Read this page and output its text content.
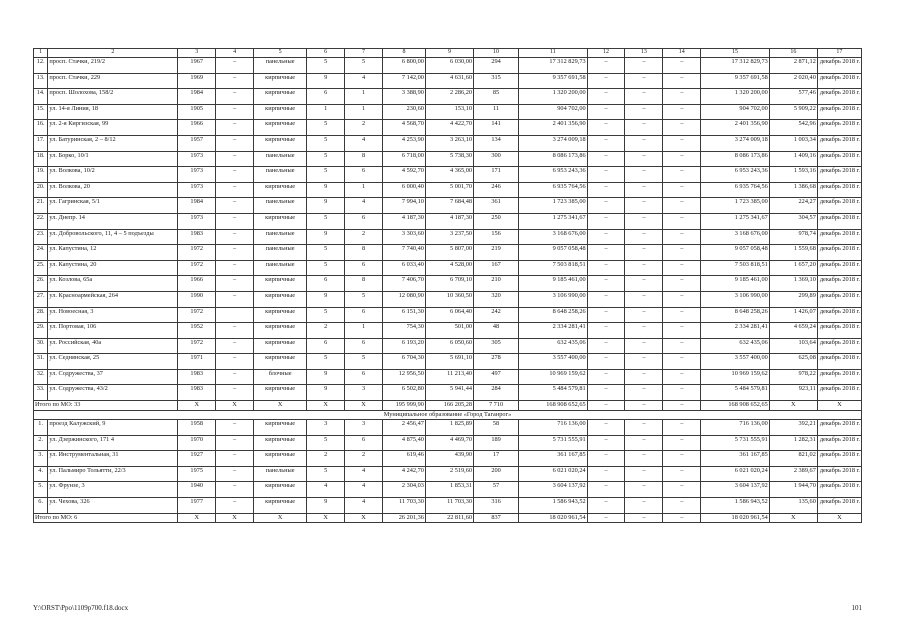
1	2	3	4	5	6	7	8	9	10	11	12	13	14	15	16	17
12.	просп. Стачки, 219/2	1967	–	панельные	5	5	6 800,00	6 030,00	294	17 312 829,73	–	–	–	17 312 829,73	2 871,12	декабрь 2018 г.
13.	просп. Стачки, 229	1969	–	кирпичные	9	4	7 142,00	4 631,60	315	9 357 691,58	–	–	–	9 357 691,58	2 020,40	декабрь 2018 г.
14.	просп. Шолохова, 158/2	1984	–	кирпичные	6	1	3 388,90	2 286,20	85	1 320 200,00	–	–	–	1 320 200,00	577,46	декабрь 2018 г.
15.	ул. 14-я Линия, 18	1905	–	кирпичные	1	1	230,60	153,10	11	904 702,00	–	–	–	904 702,00	5 909,22	декабрь 2018 г.
16.	ул. 2-я Киргизская, 99	1966	–	кирпичные	5	2	4 568,70	4 422,70	141	2 401 356,90	–	–	–	2 401 356,90	542,96	декабрь 2018 г.
17.	ул. Батуринская, 2 – 8/12	1957	–	кирпичные	5	4	4 253,90	3 263,10	134	3 274 009,18	–	–	–	3 274 009,18	1 003,34	декабрь 2018 г.
18.	ул. Борко, 10/1	1973	–	панельные	5	8	6 718,00	5 738,30	300	8 086 173,86	–	–	–	8 086 173,86	1 409,16	декабрь 2018 г.
19.	ул. Волкова, 10/2	1973	–	панельные	5	6	4 592,70	4 365,00	171	6 953 243,36	–	–	–	6 953 243,36	1 593,16	декабрь 2018 г.
20.	ул. Волкова, 20	1973	–	кирпичные	9	1	6 000,40	5 001,70	246	6 935 764,56	–	–	–	6 935 764,56	1 386,68	декабрь 2018 г.
21.	ул. Гагринская, 5/1	1984	–	панельные	9	4	7 994,10	7 684,48	361	1 723 385,00	–	–	–	1 723 385,00	224,27	декабрь 2018 г.
22.	ул. Днепр. 14	1973	–	кирпичные	5	6	4 187,30	4 187,30	250	1 275 341,67	–	–	–	1 275 341,67	304,57	декабрь 2018 г.
23.	ул. Добровольского, 11, 4 – 5 подъезды	1983	–	панельные	9	2	3 303,60	3 237,50	156	3 168 676,00	–	–	–	3 168 676,00	978,74	декабрь 2018 г.
24.	ул. Капустина, 12	1972	–	панельные	5	8	7 740,40	5 807,00	219	9 057 058,48	–	–	–	9 057 058,48	1 559,68	декабрь 2018 г.
25.	ул. Капустина, 20	1972	–	панельные	5	6	6 033,40	4 528,00	167	7 503 818,51	–	–	–	7 503 818,51	1 657,20	декабрь 2018 г.
26.	ул. Козлова, 65а	1966	–	кирпичные	6	8	7 406,70	6 709,10	210	9 185 461,00	–	–	–	9 185 461,00	1 369,10	декабрь 2018 г.
27.	ул. Красноармейская, 264	1990	–	кирпичные	9	5	12 080,90	10 360,50	320	3 106 990,00	–	–	–	3 106 990,00	299,89	декабрь 2018 г.
28.	ул. Новоесная, 3	1972		кирпичные	5	6	6 151,30	6 064,40	242	8 648 258,26	–	–	–	8 648 258,26	1 426,07	декабрь 2018 г.
29.	ул. Портовая, 106	1952	–	кирпичные	2	1	754,30	501,00	48	2 334 281,41	–	–	–	2 334 281,41	4 659,24	декабрь 2018 г.
30.	ул. Российская, 40а	1972	–	кирпичные	6	6	6 193,20	6 050,60	305	632 435,06	–	–	–	632 435,06	103,64	декабрь 2018 г.
31.	ул. Седнянская, 25	1971	–	кирпичные	5	5	6 704,30	5 691,10	278	3 557 400,00	–	–	–	3 557 400,00	625,08	декабрь 2018 г.
32.	ул. Содружества, 37	1983	–	блочные	9	6	12 956,50	11 213,40	497	10 969 159,62	–	–	–	10 969 159,62	978,22	декабрь 2018 г.
33.	ул. Содружества, 43/2	1983	–	кирпичные	9	3	6 502,80	5 941,44	284	5 484 579,81	–	–	–	5 484 579,81	923,11	декабрь 2018 г.
Итого по МО: 33		X	X	X	X	X	195 999,90	166 205,28	7 710	168 908 652,65	–	–	–	168 908 652,65	X	X
Муниципальное образование «Город Таганрог»																
1.	проезд Калужский, 9	1958	–	кирпичные	3	3	2 456,47	1 825,89	58	716 136,00	–	–	–	716 136,00	392,21	декабрь 2018 г.
2.	ул. Дзержинского, 171 4	1970	–	кирпичные	5	6	4 875,40	4 469,70	189	5 731 555,91	–	–	–	5 731 555,91	1 282,31	декабрь 2018 г.
3.	ул. Инструментальная, 31	1927	–	кирпичные	2	2	619,46	439,90	17	361 167,85	–	–	–	361 167,85	821,02	декабрь 2018 г.
4.	ул. Пальмиро Тольятти, 22/3	1975	–	панельные	5	4	4 242,70	2 519,60	200	6 021 020,24	–	–	–	6 021 020,24	2 389,67	декабрь 2018 г.
5.	ул. Фрунзе, 3	1940	–	кирпичные	4	4	2 304,03	1 853,31	57	3 604 137,92	–	–	–	3 604 137,92	1 944,70	декабрь 2018 г.
6.	ул. Чехова, 326	1977	–	кирпичные	9	4	11 703,30	11 703,30	316	1 586 943,52	–	–	–	1 586 943,52	135,60	декабрь 2018 г.
Итого по МО: 6		X	X	X	X	X	26 201,36	22 811,60	837	18 020 961,54	–	–	–	18 020 961,54	X	X
Y:\ORST\Ppo\1109p700.f18.docx	101
